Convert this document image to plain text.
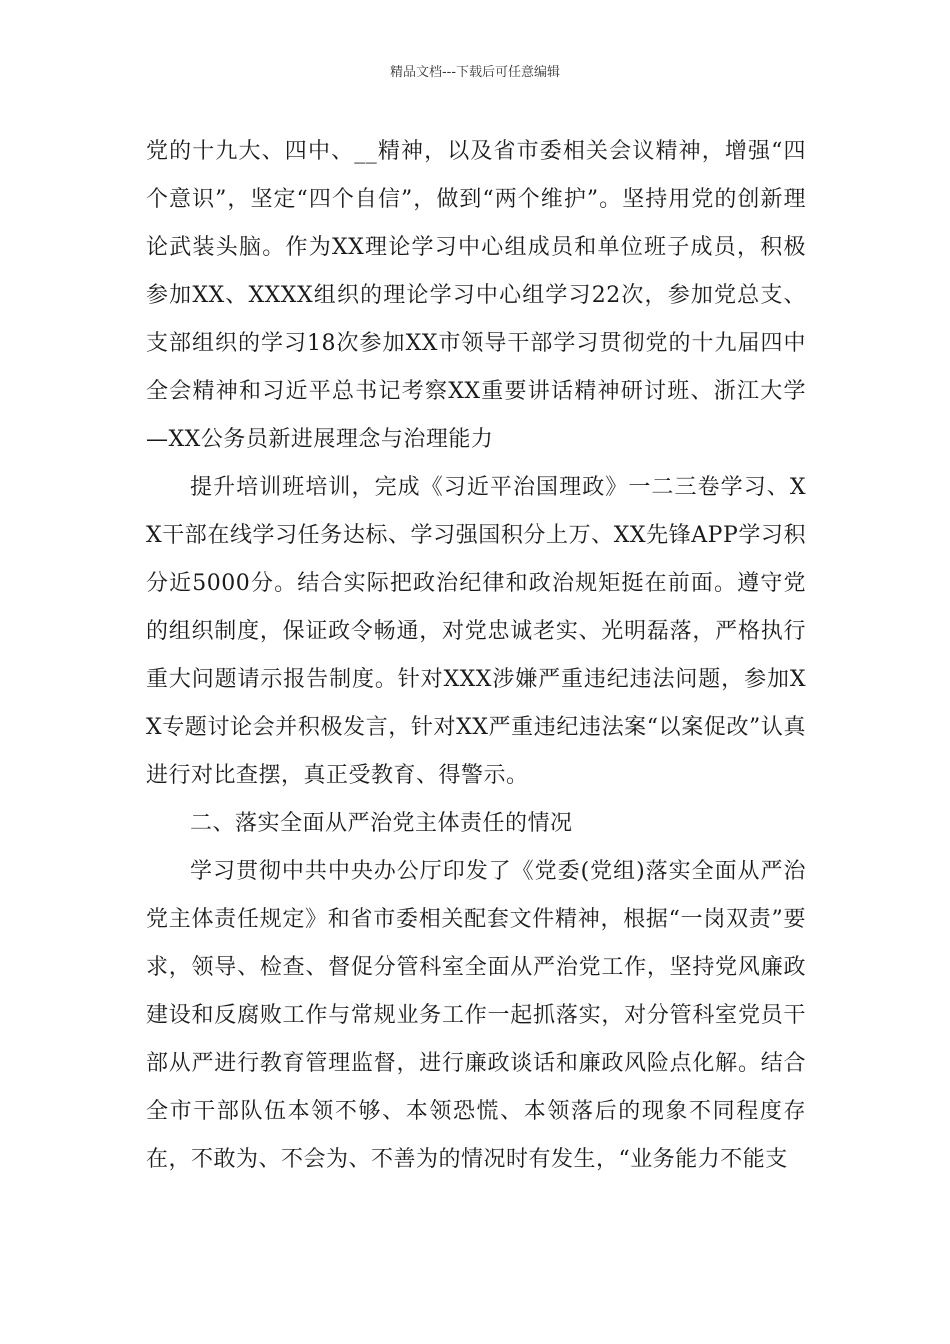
精品文档---下载后可任意编辑

党的十九大、四中、__精神，以及省市委相关会议精神，增强“四个意识”，坚定“四个自信”，做到“两个维护”。坚持用党的创新理论武装头脑。作为XX理论学习中心组成员和单位班子成员，积极参加XX、XXXX组织的理论学习中心组学习22次，参加党总支、支部组织的学习18次参加XX市领导干部学习贯彻党的十九届四中全会精神和习近平总书记考察XX重要讲话精神研讨班、浙江大学—XX公务员新进展理念与治理能力

提升培训班培训，完成《习近平治国理政》一二三卷学习、XX干部在线学习任务达标、学习强国积分上万、XX先锋APP学习积分近5000分。结合实际把政治纪律和政治规矩挺在前面。遵守党的组织制度，保证政令畅通，对党忠诚老实、光明磊落，严格执行重大问题请示报告制度。针对XXX涉嫌严重违纪违法问题，参加XX专题讨论会并积极发言，针对XX严重违纪违法案“以案促改”认真进行对比查摆，真正受教育、得警示。

二、落实全面从严治党主体责任的情况

学习贯彻中共中央办公厅印发了《党委(党组)落实全面从严治党主体责任规定》和省市委相关配套文件精神，根据“一岗双责”要求，领导、检查、督促分管科室全面从严治党工作，坚持党风廉政建设和反腐败工作与常规业务工作一起抓落实，对分管科室党员干部从严进行教育管理监督，进行廉政谈话和廉政风险点化解。结合全市干部队伍本领不够、本领恐慌、本领落后的现象不同程度存在，不敢为、不会为、不善为的情况时有发生，“业务能力不能支
